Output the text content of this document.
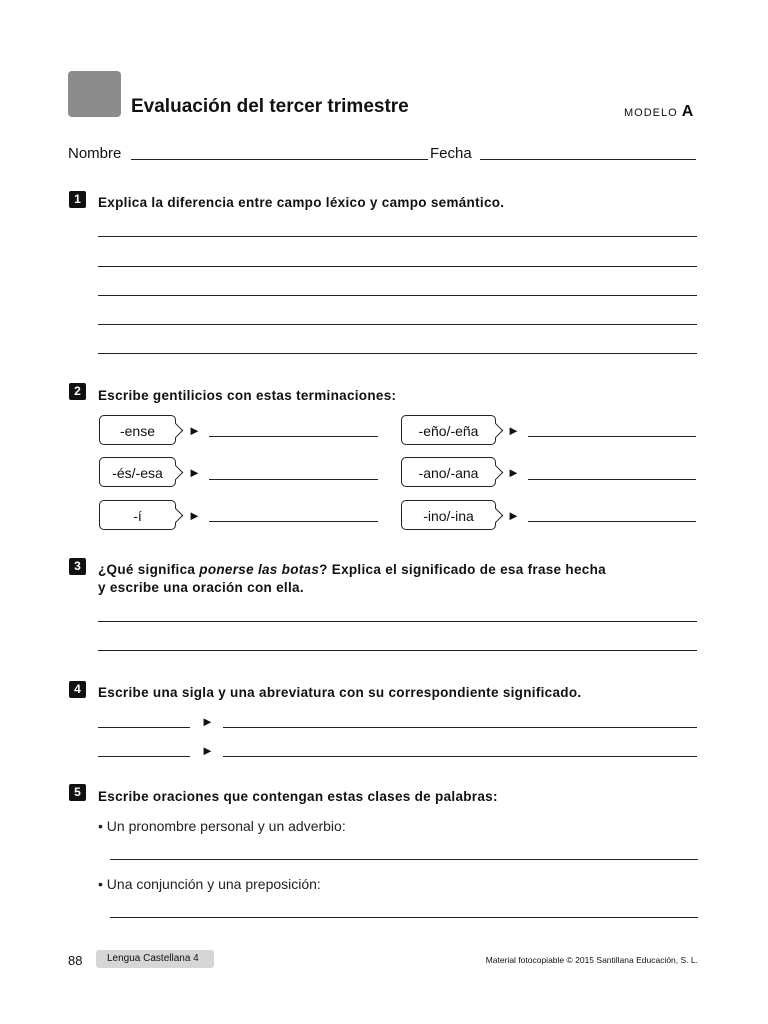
Evaluación del tercer trimestre	MODELO A
Nombre	Fecha
1	Explica la diferencia entre campo léxico y campo semántico.
2	Escribe gentilicios con estas terminaciones:
-ense	►	-eño/-eña	►
-és/-esa	►	-ano/-ana	►
-í	►	-ino/-ina	►
3	¿Qué significa ponerse las botas? Explica el significado de esa frase hecha
y escribe una oración con ella.
4	Escribe una sigla y una abreviatura con su correspondiente significado.
►
►
5	Escribe oraciones que contengan estas clases de palabras:
• Un pronombre personal y un adverbio:
• Una conjunción y una preposición:
88	Lengua Castellana 4	Material fotocopiable © 2015 Santillana Educación, S. L.
